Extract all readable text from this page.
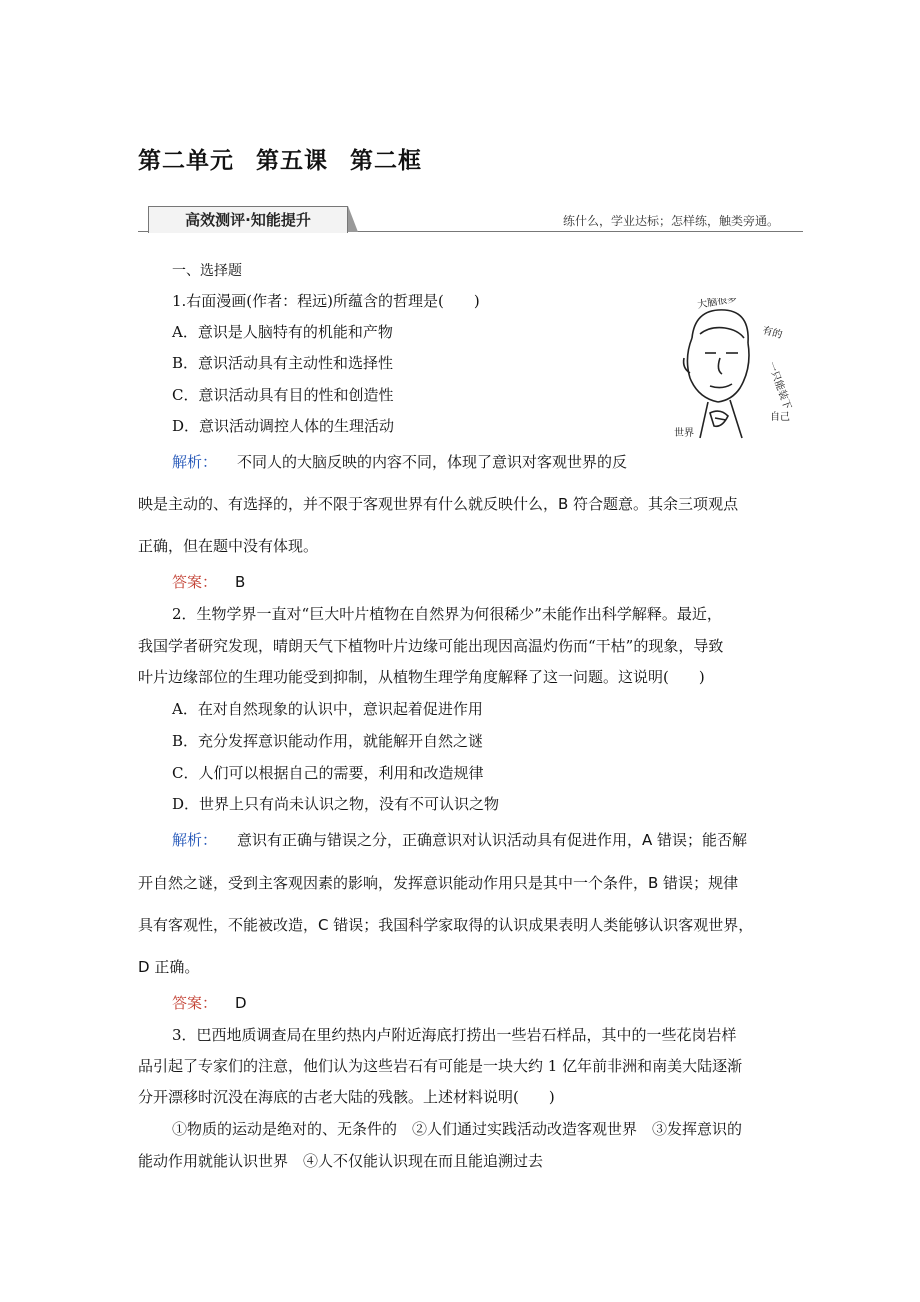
第二单元 第五课 第二框
高效测评·知能提升	练什么，学业达标；怎样练，触类旁通。
一、选择题
1.右面漫画(作者：程远)所蕴含的哲理是(　　)
A．意识是人脑特有的机能和产物
B．意识活动具有主动性和选择性
C．意识活动具有目的性和创造性
D．意识活动调控人体的生理活动
大脑很多
有的
一只能装下
自己
世界
解析： 不同人的大脑反映的内容不同，体现了意识对客观世界的反
映是主动的、有选择的，并不限于客观世界有什么就反映什么，B 符合题意。其余三项观点
正确，但在题中没有体现。
答案： B
2．生物学界一直对“巨大叶片植物在自然界为何很稀少”未能作出科学解释。最近，
我国学者研究发现，晴朗天气下植物叶片边缘可能出现因高温灼伤而“干枯”的现象，导致
叶片边缘部位的生理功能受到抑制，从植物生理学角度解释了这一问题。这说明(　　)
A．在对自然现象的认识中，意识起着促进作用
B．充分发挥意识能动作用，就能解开自然之谜
C．人们可以根据自己的需要，利用和改造规律
D．世界上只有尚未认识之物，没有不可认识之物
解析： 意识有正确与错误之分，正确意识对认识活动具有促进作用，A 错误；能否解
开自然之谜，受到主客观因素的影响，发挥意识能动作用只是其中一个条件，B 错误；规律
具有客观性，不能被改造，C 错误；我国科学家取得的认识成果表明人类能够认识客观世界，
D 正确。
答案： D
3．巴西地质调查局在里约热内卢附近海底打捞出一些岩石样品，其中的一些花岗岩样
品引起了专家们的注意，他们认为这些岩石有可能是一块大约 1 亿年前非洲和南美大陆逐渐
分开漂移时沉没在海底的古老大陆的残骸。上述材料说明(　　)
①物质的运动是绝对的、无条件的　②人们通过实践活动改造客观世界　③发挥意识的
能动作用就能认识世界　④人不仅能认识现在而且能追溯过去
